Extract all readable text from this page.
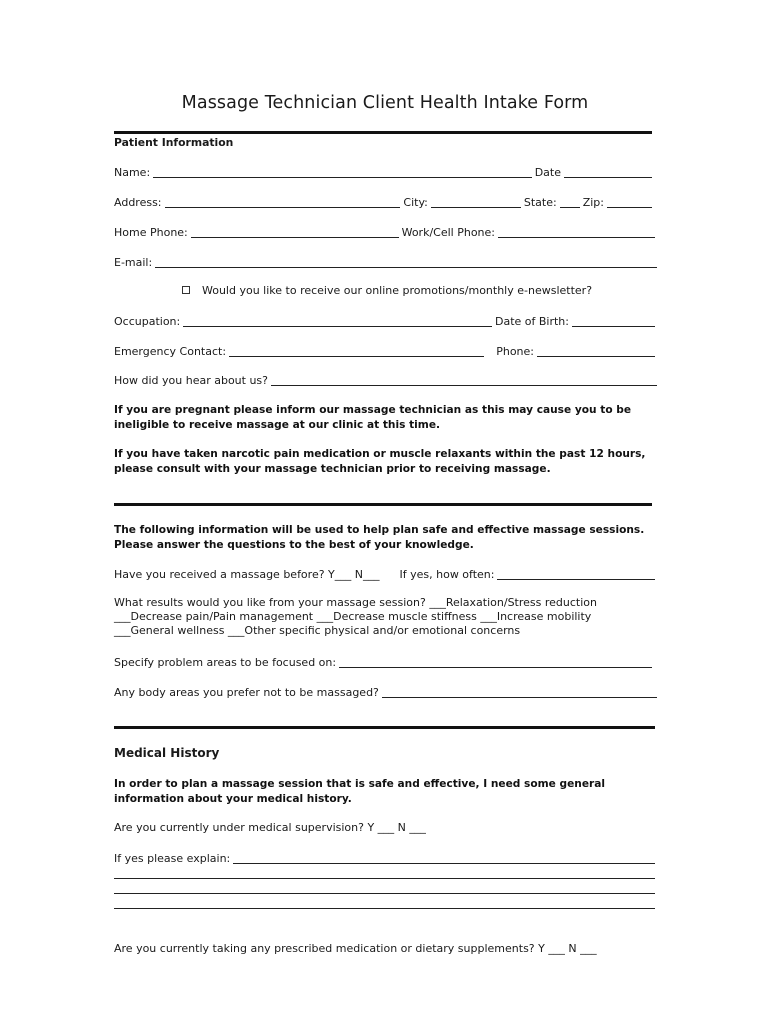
Massage Technician Client Health Intake Form
Patient Information
Name:	Date
Address:	City:	State: Zip:
Home Phone:	Work/Cell Phone:
E-mail:
Would you like to receive our online promotions/monthly e-newsletter?
Occupation:	Date of Birth:
Emergency Contact:	Phone:
How did you hear about us?
If you are pregnant please inform our massage technician as this may cause you to be ineligible to receive massage at our clinic at this time.
If you have taken narcotic pain medication or muscle relaxants within the past 12 hours, please consult with your massage technician prior to receiving massage.
The following information will be used to help plan safe and effective massage sessions. Please answer the questions to the best of your knowledge.
Have you received a massage before? Y___ N___ If yes, how often:
What results would you like from your massage session? ___Relaxation/Stress reduction
___Decrease pain/Pain management ___Decrease muscle stiffness ___Increase mobility
___General wellness ___Other specific physical and/or emotional concerns
Specify problem areas to be focused on:
Any body areas you prefer not to be massaged?
Medical History
In order to plan a massage session that is safe and effective, I need some general information about your medical history.
Are you currently under medical supervision? Y ___ N ___
If yes please explain:
Are you currently taking any prescribed medication or dietary supplements? Y ___ N ___
